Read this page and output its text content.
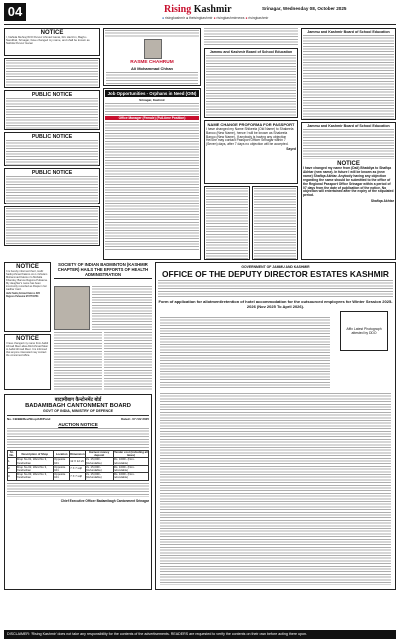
04	Rising Kashmir	Srinagar, Wednesday 08, October 2025
● risingkashmir ● theisingkashmir ● risingkashmirnews ● risingkashmir
NOTICE
I, Nahida Mehraj W/O Pervez Ahmad Ganai, R/o Hazrrim, Bagh-i-Nandibal, Srinagar, have changed my name, and shall be known as Nahida Pervez Ganai
PUBLIC NOTICE
PUBLIC NOTICE
PUBLIC NOTICE
NOTICE
It is hereby informed that I, Hafiz Sadiq Ahmad Kakroo s/o Lt Ghulam Mohammad Kakroo r/o Mohalla Khandey, Barsoo Rajpora Pulwama. My daughter's name has been incorrectly recorded as Roqia in her Aadhar Card.
Hafiz Sadiq Ahmad Kakroo R/O Rajpora Pulwama 9797749781
NOTICE
I have changed my name from Aabid Ahmad Meer alias Abid Ahmad Meer to Aabid Ahmad Meer. It is informed that anyone interested may contact the concerned office.
SOCIETY OF INDIAN BADMINTON (KASHMIR CHAPTER) HAILS THE EFFORTS OF HEALTH ADMINISTRATION
RASME CHAHRUM
Ali Mohammad Chhan
Job Opportunities - Orphans in Need (OIN)
Srinagar, Kashmir
Office Manager (Female) (Full-time Position)
Jammu and Kashmir Board of School Education
NAME CHANGE PROFORMA FOR PASSPORT
I have changed my Name Shikeela (Old Name) to Shakeela Banoo (New Name), hence I will be known as Shakeela Banoo (New Name). If anybody is having any objection He/She may contact Passport Officer Srinagar within 7 (Seven) days, after 7 days no objection will be accepted.
Sayed
Jammu and Kashmir Board of School Education
Jammu and Kashmir Board of School Education
NOTICE
I have changed my name from (Dali) Bhatdiya to Shafiqa Akhtar (new name). In future I will be known as (new name) Shafiqa Akhtar. Anybody having any objection regarding the same should be submitted to the office of the Regional Passport Office Srinagar within a period of 07 days from the date of publication of the notice. No objection will entertained after the expiry of the stipulated period.
Shafiqa Akhtar
GOVERNMENT OF JAMMU AND KASHMIR
OFFICE OF THE DEPUTY DIRECTOR ESTATES KASHMIR
Form of application for allotment/retention of hotel accommodation for the outsourced employees for Winter Session 2025-2026 (Nov 2025 To April 2026).
Affix Latest Photograph attested by DDO
बादामीबाग कैन्टोनमेंट बोर्ड
BADAMIBAGH CANTONMENT BOARD
GOVT OF INDIA, MINISTRY OF DEFENCE
No. CB/BB/Rev/Shop/AR/Pond	Dated:- 07 /10/ 2025
AUCTION NOTICE
Sr. No.	Description of Shop	Location	Dimension	Earnest money deposit	Tender cost (including all taxes)
1.	Shop No.01, Ward No 3, Pandrethan	Opposite 101	12 X 12 sft	Rs. 15,000/- (Refundable)	Rs. 1000/- (Non-refundable)
2.	Shop No.02, Ward No 3, Pandrethan	Opposite 101	7 X 7 sqft	Rs. 15,000/- (Refundable)	Rs. 1000/- (Non-refundable)
3.	Shop No.03, Ward No 3, Pandrethan	Opposite 101	7 X 7 sqft	Rs. 15,000/- (Refundable)	Rs. 1000/- (Non-refundable)
Chief Executive Officer Badamibagh Cantonment Srinagar
DISCLAIMER: 'Rising Kashmir' does not take any responsibility for the contents of the advertisements. READERS are requested to verify the contents on their own before acting there upon.
